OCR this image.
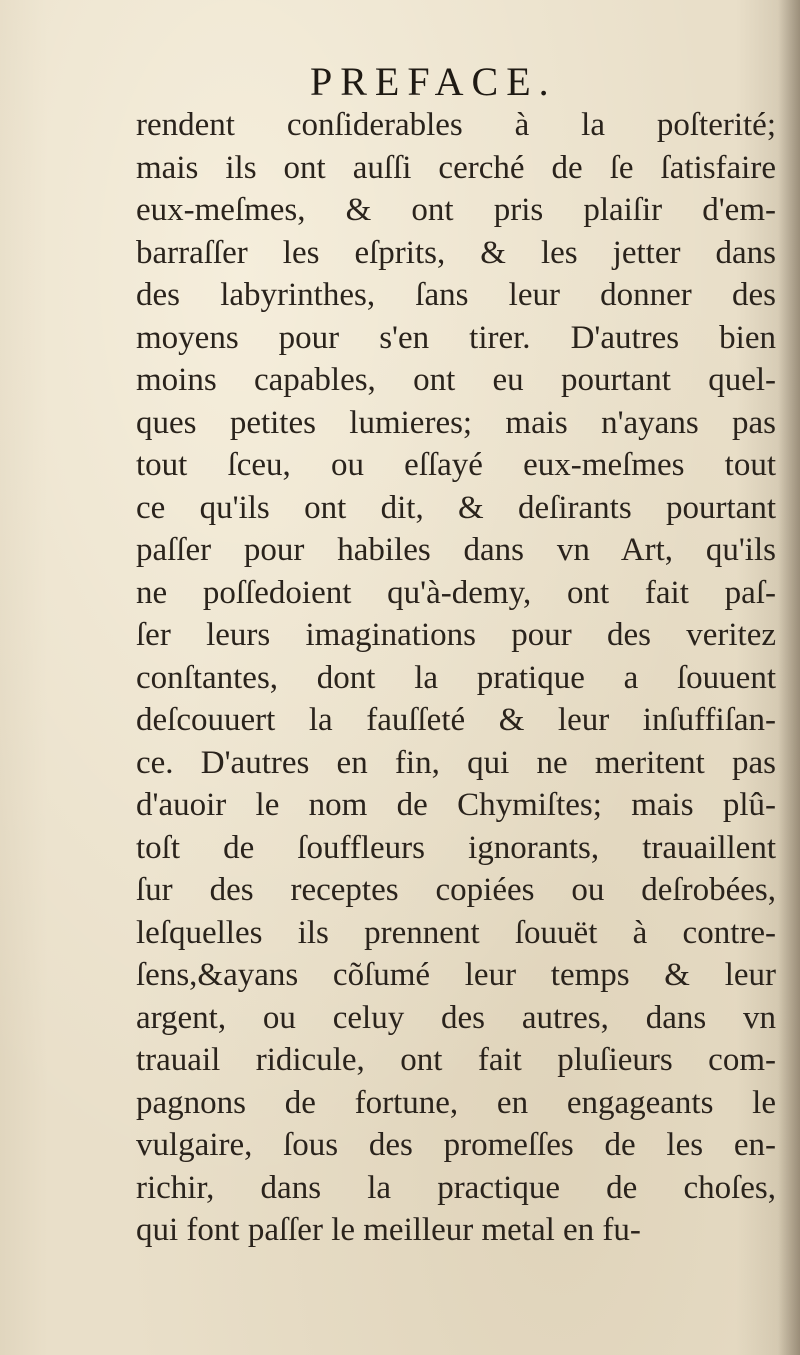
PREFACE.
rendent conſiderables à la poſterité;
mais ils ont auſſi cerché de ſe ſatisfaire
eux-meſmes, & ont pris plaiſir d'em-
barraſſer les eſprits, & les jetter dans
des labyrinthes, ſans leur donner des
moyens pour s'en tirer. D'autres bien
moins capables, ont eu pourtant quel-
ques petites lumieres; mais n'ayans pas
tout ſceu, ou eſſayé eux-meſmes tout
ce qu'ils ont dit, & deſirants pourtant
paſſer pour habiles dans vn Art, qu'ils
ne poſſedoient qu'à-demy, ont fait paſ-
ſer leurs imaginations pour des veritez
conſtantes, dont la pratique a ſouuent
deſcouuert la fauſſeté & leur inſuffiſan-
ce. D'autres en fin, qui ne meritent pas
d'auoir le nom de Chymiſtes; mais plû-
toſt de ſouffleurs ignorants, trauaillent
ſur des receptes copiées ou deſrobées,
leſquelles ils prennent ſouuët à contre-
ſens,&ayans cõſumé leur temps & leur
argent, ou celuy des autres, dans vn
trauail ridicule, ont fait pluſieurs com-
pagnons de fortune, en engageants le
vulgaire, ſous des promeſſes de les en-
richir, dans la practique de choſes,
qui font paſſer le meilleur metal en fu-
